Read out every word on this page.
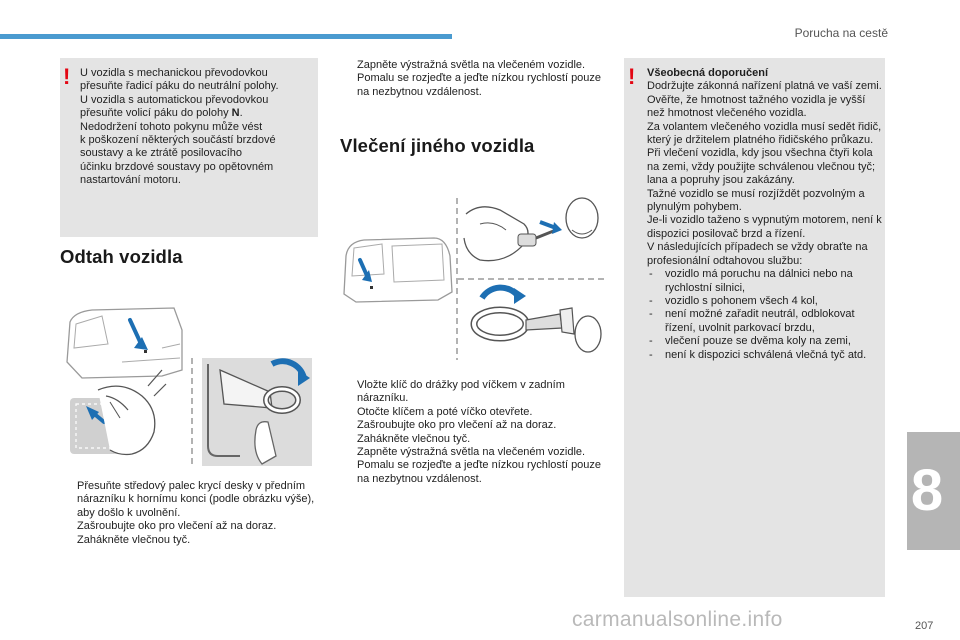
Porucha na cestě
! U vozidla s mechanickou převodovkou

přesuňte řadicí páku do neutrální polohy.

U vozidla s automatickou převodovkou

přesuňte volicí páku do polohy N.

Nedodržení tohoto pokynu může vést

k poškození některých součástí brzdové

soustavy a ke ztrátě posilovacího

účinku brzdové soustavy po opětovném

nastartování motoru.

Odtah vozidla
Přesuňte středový palec krycí desky v předním nárazníku k hornímu konci (podle obrázku výše), aby došlo k uvolnění.
Zašroubujte oko pro vlečení až na doraz.
Zahákněte vlečnou tyč.
Zapněte výstražná světla na vlečeném vozidle.
Pomalu se rozjeďte a jeďte nízkou rychlostí pouze na nezbytnou vzdálenost.
Vlečení jiného vozidla
Vložte klíč do drážky pod víčkem v zadním nárazníku.
Otočte klíčem a poté víčko otevřete.
Zašroubujte oko pro vlečení až na doraz.
Zahákněte vlečnou tyč.
Zapněte výstražná světla na vlečeném vozidle.
Pomalu se rozjeďte a jeďte nízkou rychlostí pouze na nezbytnou vzdálenost.
! Všeobecná doporučení

Dodržujte zákonná nařízení platná ve vaší zemi.

Ověřte, že hmotnost tažného vozidla je vyšší než hmotnost vlečeného vozidla.

Za volantem vlečeného vozidla musí sedět řidič, který je držitelem platného řidičského průkazu.

Při vlečení vozidla, kdy jsou všechna čtyři kola na zemi, vždy použijte schválenou vlečnou tyč; lana a popruhy jsou zakázány.

Tažné vozidlo se musí rozjíždět pozvolným a plynulým pohybem.

Je-li vozidlo taženo s vypnutým motorem, není k dispozici posilovač brzd a řízení.

V následujících případech se vždy obraťte na profesionální odtahovou službu:

- vozidlo má poruchu na dálnici nebo na rychlostní silnici,
- vozidlo s pohonem všech 4 kol,
- není možné zařadit neutrál, odblokovat řízení, uvolnit parkovací brzdu,
- vlečení pouze se dvěma koly na zemi,
- není k dispozici schválená vlečná tyč atd.
8
carmanualsonline.info	207
